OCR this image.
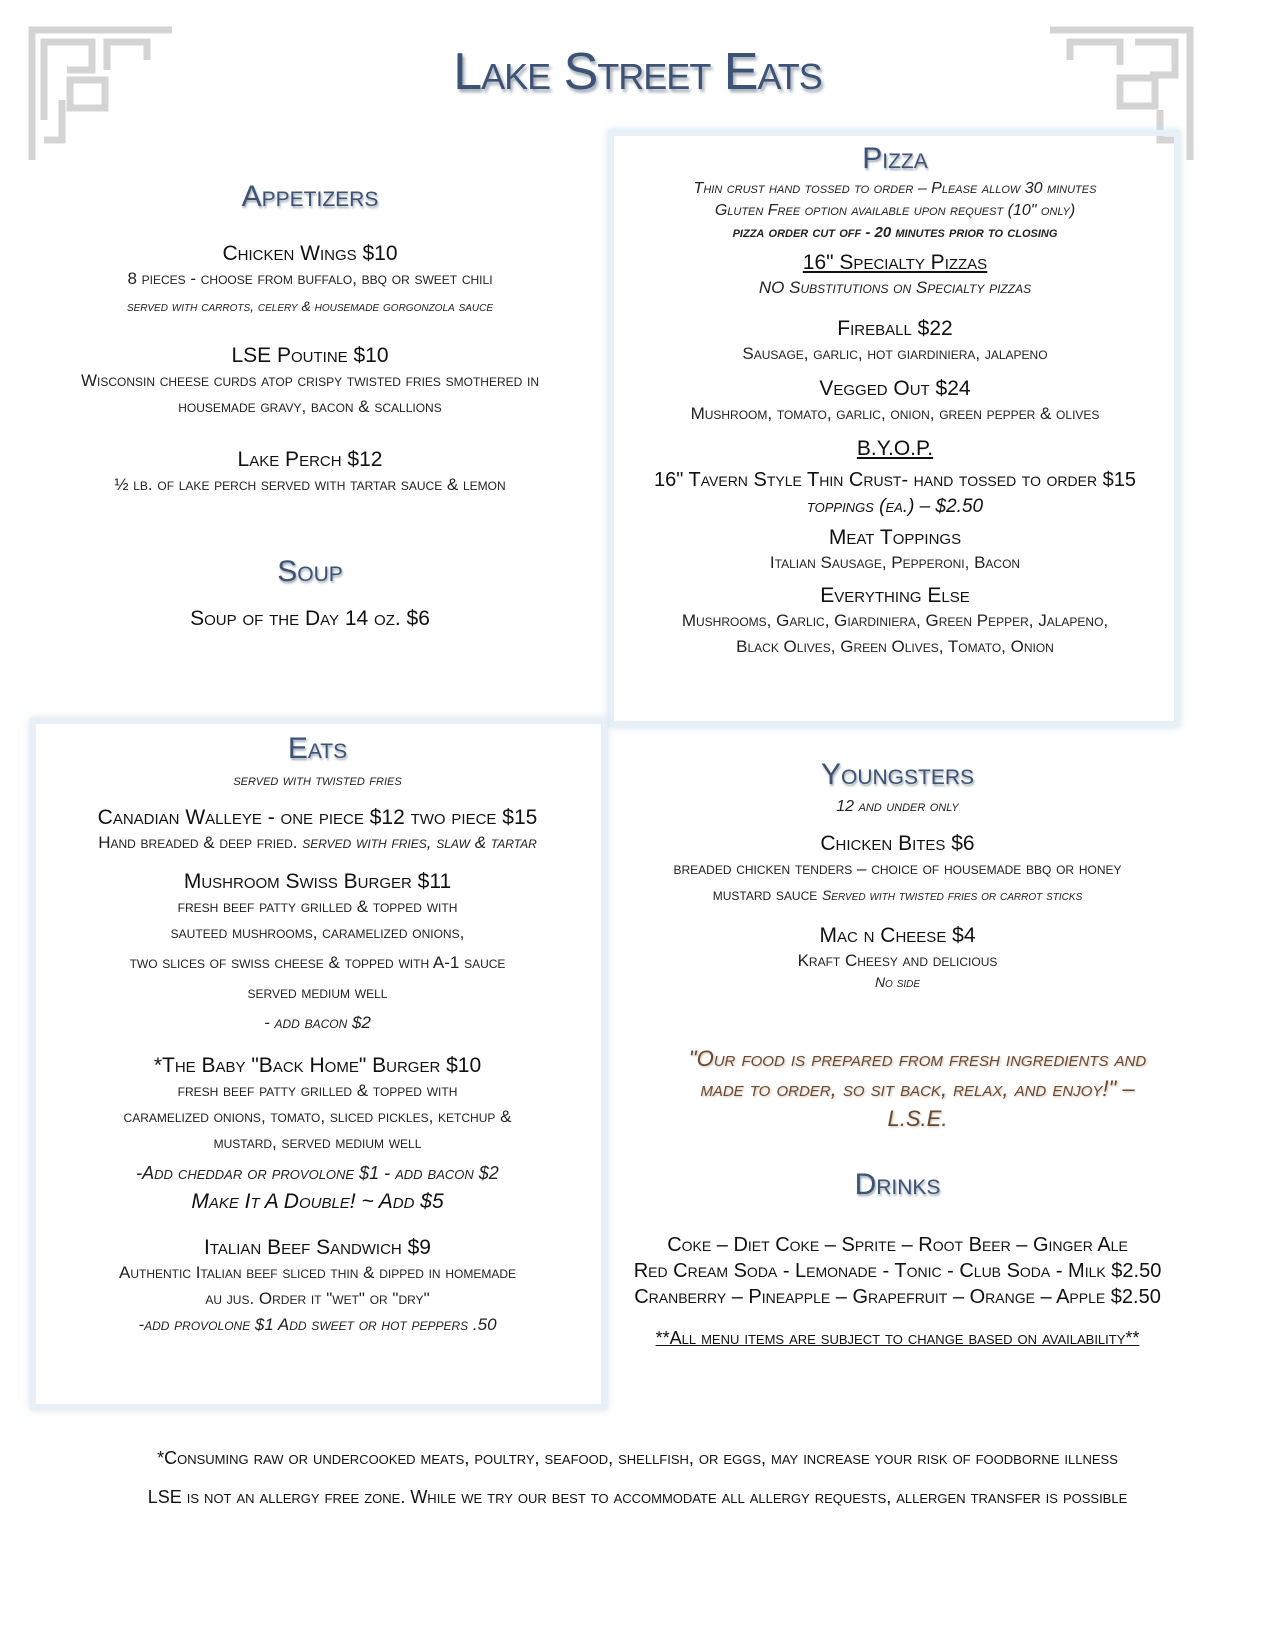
Lake Street Eats
Appetizers
Chicken Wings $10
8 pieces - choose from buffalo, bbq or sweet chili
served with carrots, celery & housemade gorgonzola sauce
LSE Poutine $10
Wisconsin cheese curds atop crispy twisted fries smothered in
housemade gravy, bacon & scallions
Lake Perch $12
½ lb. of lake perch served with tartar sauce & lemon
Soup
Soup of the Day 14 oz. $6
Pizza
Thin crust hand tossed to order – Please allow 30 minutes
Gluten Free option available upon request (10" only)
pizza order cut off - 20 minutes prior to closing
16" Specialty Pizzas
NO Substitutions on Specialty pizzas
Fireball $22
Sausage, garlic, hot giardiniera, jalapeno
Vegged Out $24
Mushroom, tomato, garlic, onion, green pepper & olives
B.Y.O.P.
16" Tavern Style Thin Crust- hand tossed to order $15
toppings (ea.) – $2.50
Meat Toppings
Italian Sausage, Pepperoni, Bacon
Everything Else
Mushrooms, Garlic, Giardiniera, Green Pepper, Jalapeno,
Black Olives, Green Olives, Tomato, Onion
Eats
served with twisted fries
Canadian Walleye - one piece $12 two piece $15
Hand breaded & deep fried. served with fries, slaw & tartar
Mushroom Swiss Burger $11
fresh beef patty grilled & topped with
sauteed mushrooms, caramelized onions,
two slices of swiss cheese & topped with A-1 sauce
served medium well
- add bacon $2
*The Baby "Back Home" Burger $10
fresh beef patty grilled & topped with
caramelized onions, tomato, sliced pickles, ketchup &
mustard, served medium well
-Add cheddar or provolone $1 - add bacon $2
Make It A Double! ~ Add $5
Italian Beef Sandwich $9
Authentic Italian beef sliced thin & dipped in homemade
au jus. Order it "wet" or "dry"
-add provolone $1 Add sweet or hot peppers .50
Youngsters
12 and under only
Chicken Bites $6
breaded chicken tenders – choice of housemade bbq or honey
mustard sauce Served with twisted fries or carrot sticks
Mac n Cheese $4
Kraft Cheesy and delicious
No side
"Our food is prepared from fresh ingredients and
made to order, so sit back, relax, and enjoy!" –
L.S.E.
Drinks
Coke – Diet Coke – Sprite – Root Beer – Ginger Ale
Red Cream Soda - Lemonade - Tonic - Club Soda - Milk $2.50
Cranberry – Pineapple – Grapefruit – Orange – Apple $2.50
**All menu items are subject to change based on availability**
*Consuming raw or undercooked meats, poultry, seafood, shellfish, or eggs, may increase your risk of foodborne illness
LSE is not an allergy free zone. While we try our best to accommodate all allergy requests, allergen transfer is possible
